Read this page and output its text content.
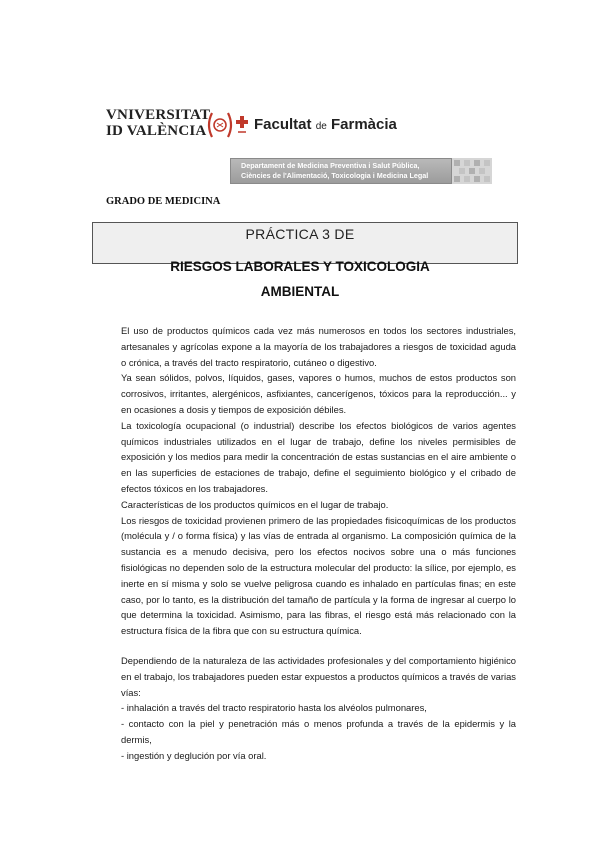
VNIVERSITAT
ID VALÈNCIA	Facultat de Farmàcia
Departament de Medicina Preventiva i Salut Pública,
Ciències de l'Alimentació, Toxicologia i Medicina Legal
GRADO DE MEDICINA
PRÁCTICA 3 DE
RIESGOS LABORALES Y TOXICOLOGIA
AMBIENTAL

El uso de productos químicos cada vez más numerosos en todos los sectores industriales, artesanales y agrícolas expone a la mayoría de los trabajadores a riesgos de toxicidad aguda o crónica, a través del tracto respiratorio, cutáneo o digestivo.

Ya sean sólidos, polvos, líquidos, gases, vapores o humos, muchos de estos productos son corrosivos, irritantes, alergénicos, asfixiantes, cancerígenos, tóxicos para la reproducción... y en ocasiones a dosis y tiempos de exposición débiles.

La toxicología ocupacional (o industrial) describe los efectos biológicos de varios agentes químicos industriales utilizados en el lugar de trabajo, define los niveles permisibles de exposición y los medios para medir la concentración de estas sustancias en el aire ambiente o en las superficies de estaciones de trabajo, define el seguimiento biológico y el cribado de efectos tóxicos en los trabajadores.

Características de los productos químicos en el lugar de trabajo.

Los riesgos de toxicidad provienen primero de las propiedades fisicoquímicas de los productos (molécula y / o forma física) y las vías de entrada al organismo. La composición química de la sustancia es a menudo decisiva, pero los efectos nocivos sobre una o más funciones fisiológicas no dependen solo de la estructura molecular del producto: la sílice, por ejemplo, es inerte en sí misma y solo se vuelve peligrosa cuando es inhalado en partículas finas; en este caso, por lo tanto, es la distribución del tamaño de partícula y la forma de ingresar al cuerpo lo que determina la toxicidad. Asimismo, para las fibras, el riesgo está más relacionado con la estructura física de la fibra que con su estructura química.

Dependiendo de la naturaleza de las actividades profesionales y del comportamiento higiénico en el trabajo, los trabajadores pueden estar expuestos a productos químicos a través de varias vías:

- inhalación a través del tracto respiratorio hasta los alvéolos pulmonares,

- contacto con la piel y penetración más o menos profunda a través de la epidermis y la dermis,

- ingestión y deglución por vía oral.
